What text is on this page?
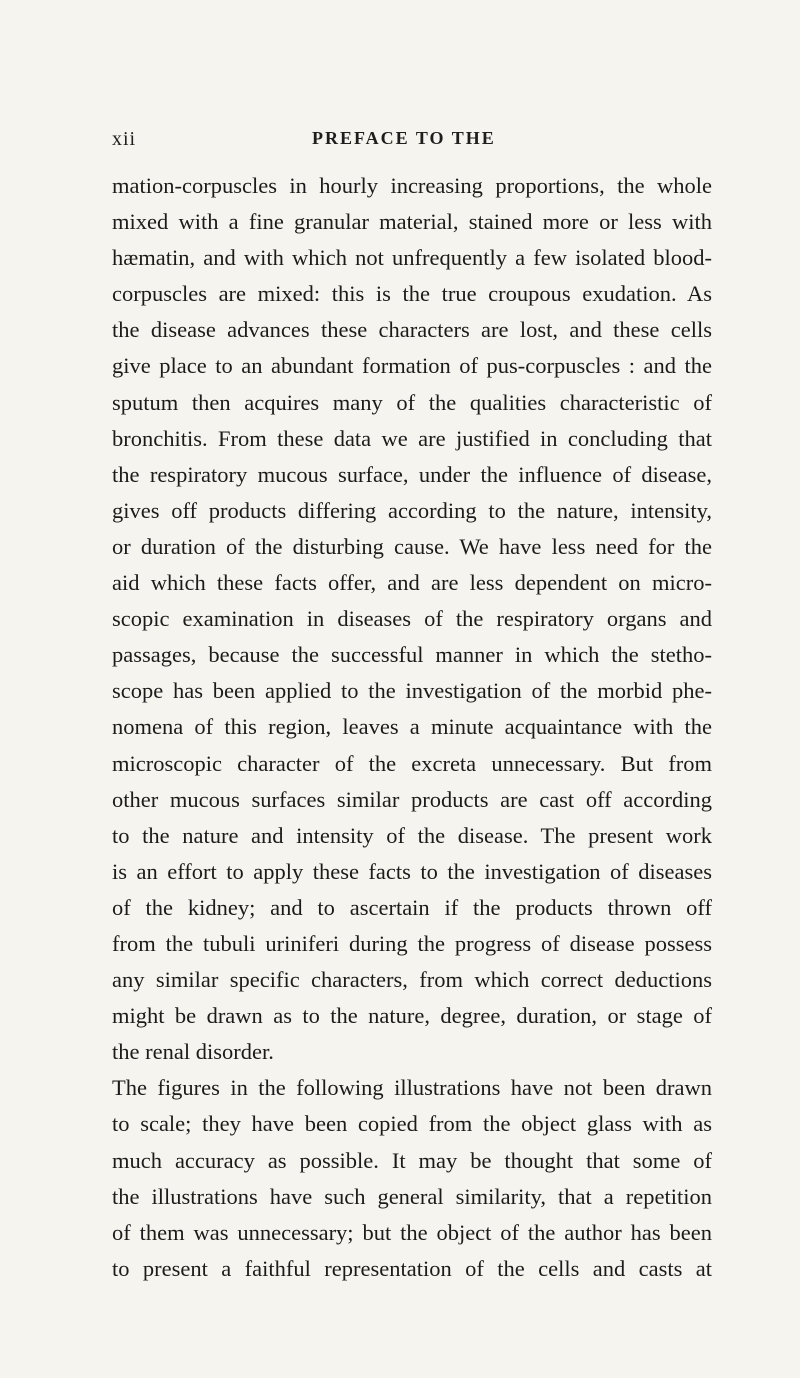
xii	PREFACE TO THE
mation-corpuscles in hourly increasing proportions, the whole
mixed with a fine granular material, stained more or less with
hæmatin, and with which not unfrequently a few isolated blood-
corpuscles are mixed: this is the true croupous exudation. As
the disease advances these characters are lost, and these cells
give place to an abundant formation of pus-corpuscles : and the
sputum then acquires many of the qualities characteristic of
bronchitis. From these data we are justified in concluding that
the respiratory mucous surface, under the influence of disease,
gives off products differing according to the nature, intensity,
or duration of the disturbing cause. We have less need for the
aid which these facts offer, and are less dependent on micro-
scopic examination in diseases of the respiratory organs and
passages, because the successful manner in which the stetho-
scope has been applied to the investigation of the morbid phe-
nomena of this region, leaves a minute acquaintance with the
microscopic character of the excreta unnecessary. But from
other mucous surfaces similar products are cast off according
to the nature and intensity of the disease. The present work
is an effort to apply these facts to the investigation of diseases
of the kidney; and to ascertain if the products thrown off
from the tubuli uriniferi during the progress of disease possess
any similar specific characters, from which correct deductions
might be drawn as to the nature, degree, duration, or stage of
the renal disorder.
The figures in the following illustrations have not been drawn
to scale; they have been copied from the object glass with as
much accuracy as possible. It may be thought that some of
the illustrations have such general similarity, that a repetition
of them was unnecessary; but the object of the author has been
to present a faithful representation of the cells and casts at
